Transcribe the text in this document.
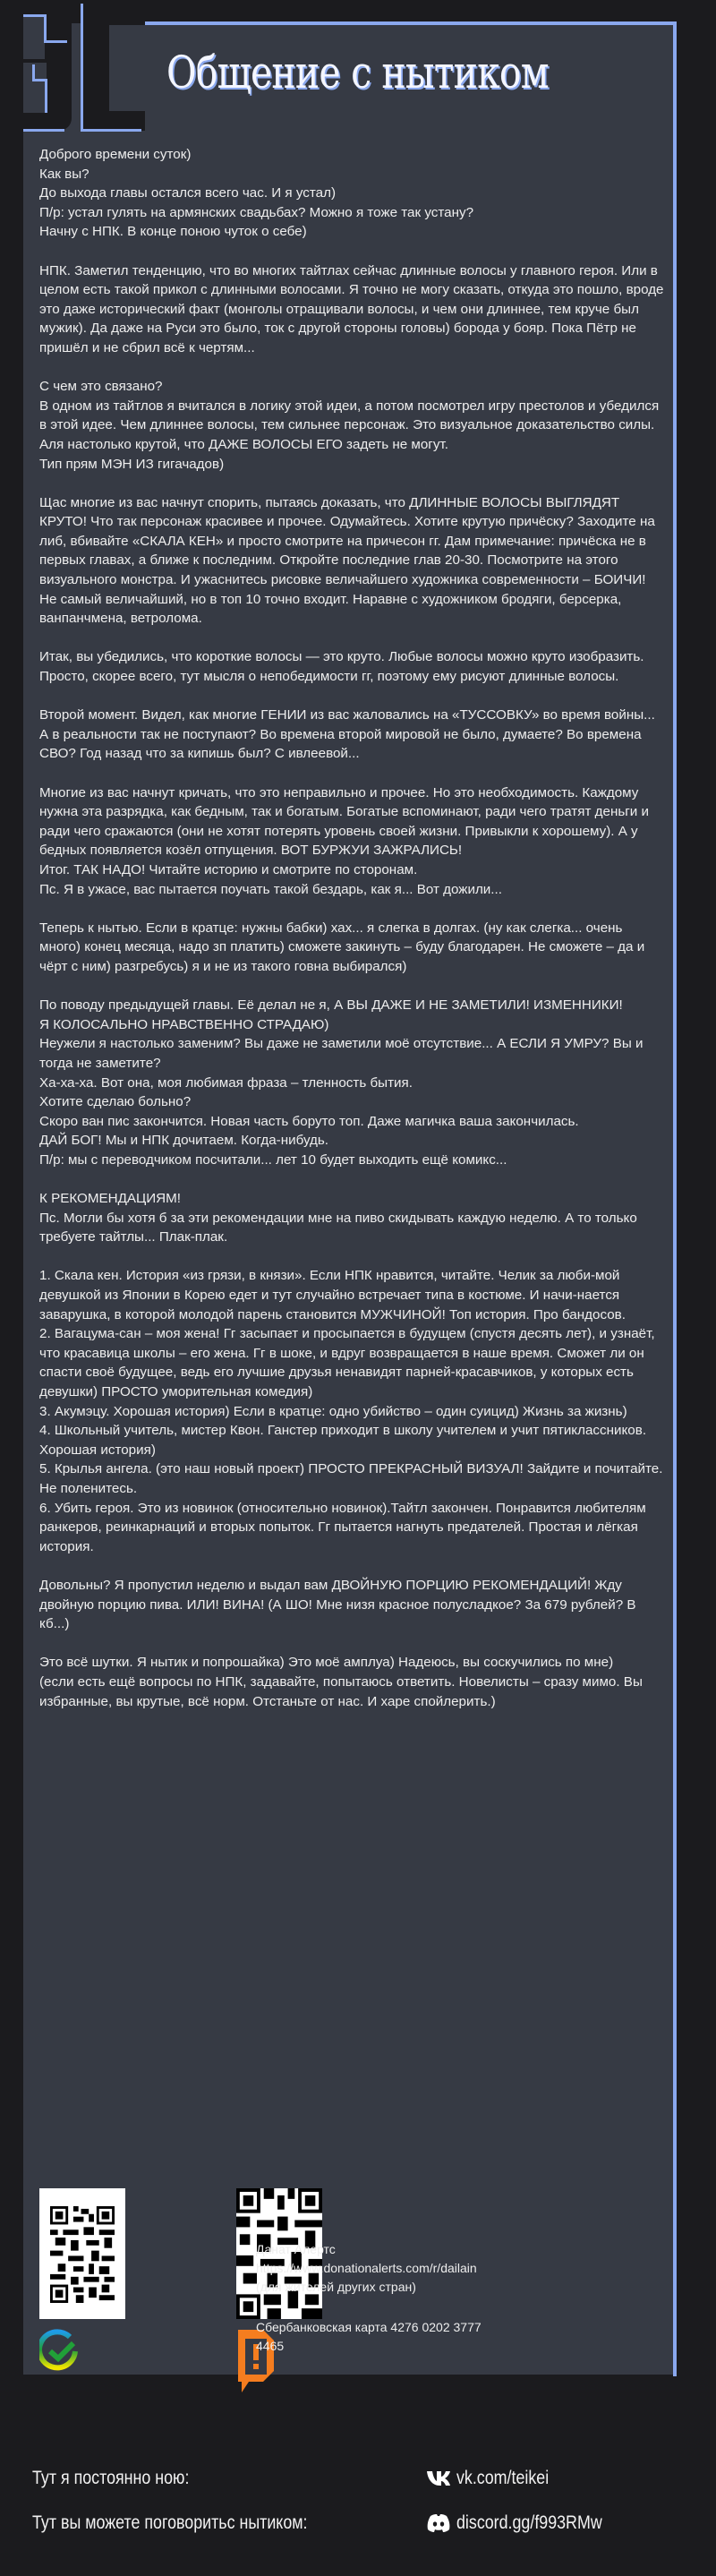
Общение с нытиком

Доброго времени суток)
Как вы?
До выхода главы остался всего час. И я устал)
П/р: устал гулять на армянских свадьбах? Можно я тоже так устану?
Начну с НПК. В конце поною чуток о себе)

НПК. Заметил тенденцию, что во многих тайтлах сейчас длинные волосы у главного героя. Или в целом есть такой прикол с длинными волосами. Я точно не могу сказать, откуда это пошло, вроде это даже исторический факт (монголы отращивали волосы, и чем они длиннее, тем круче был мужик). Да даже на Руси это было, ток с другой стороны головы) борода у бояр. Пока Пётр не пришёл и не сбрил всё к чертям...

С чем это связано?
В одном из тайтлов я вчитался в логику этой идеи, а потом посмотрел игру престолов и убедился в этой идее. Чем длиннее волосы, тем сильнее персонаж. Это визуальное доказательство силы. Аля настолько крутой, что ДАЖЕ ВОЛОСЫ ЕГО задеть не могут.
Тип прям МЭН ИЗ гигачадов)

Щас многие из вас начнут спорить, пытаясь доказать, что ДЛИННЫЕ ВОЛОСЫ ВЫГЛЯДЯТ КРУТО! Что так персонаж красивее и прочее. Одумайтесь. Хотите крутую причёску? Заходите на либ, вбивайте «СКАЛА КЕН» и просто смотрите на причесон гг. Дам примечание: причёска не в первых главах, а ближе к последним. Откройте последние глав 20-30. Посмотрите на этого визуального монстра. И ужаснитесь рисовке величайшего художника современности – БОИЧИ! Не самый величайший, но в топ 10 точно входит. Наравне с художником бродяги, берсерка, ванпанчмена, ветролома.

Итак, вы убедились, что короткие волосы — это круто. Любые волосы можно круто изобразить. Просто, скорее всего, тут мысля о непобедимости гг, поэтому ему рисуют длинные волосы.

Второй момент. Видел, как многие ГЕНИИ из вас жаловались на «ТУССОВКУ» во время войны... А в реальности так не поступают? Во времена второй мировой не было, думаете? Во времена СВО? Год назад что за кипишь был? С ивлеевой...

Многие из вас начнут кричать, что это неправильно и прочее. Но это необходимость. Каждому нужна эта разрядка, как бедным, так и богатым. Богатые вспоминают, ради чего тратят деньги и ради чего сражаются (они не хотят потерять уровень своей жизни. Привыкли к хорошему). А у бедных появляется козёл отпущения. ВОТ БУРЖУИ ЗАЖРАЛИСЬ!
Итог. ТАК НАДО! Читайте историю и смотрите по сторонам.
Пс. Я в ужасе, вас пытается поучать такой бездарь, как я... Вот дожили...

Теперь к нытью. Если в кратце: нужны бабки) хах... я слегка в долгах. (ну как слегка... очень много) конец месяца, надо зп платить) сможете закинуть – буду благодарен. Не сможете – да и чёрт с ним) разгребусь) я и не из такого говна выбирался)

По поводу предыдущей главы. Её делал не я, А ВЫ ДАЖЕ И НЕ ЗАМЕТИЛИ! ИЗМЕННИКИ!
Я КОЛОСАЛЬНО НРАВСТВЕННО СТРАДАЮ)
Неужели я настолько заменим? Вы даже не заметили моё отсутствие... А ЕСЛИ Я УМРУ? Вы и тогда не заметите?
Ха-ха-ха. Вот она, моя любимая фраза – тленность бытия.
Хотите сделаю больно?
Скоро ван пис закончится. Новая часть боруто топ. Даже магичка ваша закончилась.
ДАЙ БОГ! Мы и НПК дочитаем. Когда-нибудь.
П/р: мы с переводчиком посчитали... лет 10 будет выходить ещё комикс...

К РЕКОМЕНДАЦИЯМ!
Пс. Могли бы хотя б за эти рекомендации мне на пиво скидывать каждую неделю. А то только требуете тайтлы... Плак-плак.

1. Скала кен. История «из грязи, в князи». Если НПК нравится, читайте. Челик за люби-мой девушкой из Японии в Корею едет и тут случайно встречает типа в костюме. И начи-нается заварушка, в которой молодой парень становится МУЖЧИНОЙ! Топ история. Про бандосов.
2. Вагацума-сан – моя жена! Гг засыпает и просыпается в будущем (спустя десять лет), и узнаёт, что красавица школы – его жена. Гг в шоке, и вдруг возвращается в наше время. Сможет ли он спасти своё будущее, ведь его лучшие друзья ненавидят парней-красавчиков, у которых есть девушки) ПРОСТО уморительная комедия)
3. Акумэцу. Хорошая история) Если в кратце: одно убийство – один суицид) Жизнь за жизнь)
4. Школьный учитель, мистер Квон. Ганстер приходит в школу учителем и учит пятиклассников. Хорошая история)
5. Крылья ангела. (это наш новый проект) ПРОСТО ПРЕКРАСНЫЙ ВИЗУАЛ! Зайдите и почитайте. Не поленитесь.
6. Убить героя. Это из новинок (относительно новинок).Тайтл закончен. Понравится любителям ранкеров, реинкарнаций и вторых попыток. Гг пытается нагнуть предателей. Простая и лёгкая история.

Довольны? Я пропустил неделю и выдал вам ДВОЙНУЮ ПОРЦИЮ РЕКОМЕНДАЦИЙ! Жду двойную порцию пива. ИЛИ! ВИНА! (А ШО! Мне низя красное полусладкое? За 679 рублей? В кб...)

Это всё шутки. Я нытик и попрошайка) Это моё амплуа) Надеюсь, вы соскучились по мне)
(если есть ещё вопросы по НПК, задавайте, попытаюсь ответить. Новелисты – сразу мимо. Вы избранные, вы крутые, всё норм. Отстаньте от нас. И харе спойлерить.)

Данат Алертс
https://www.donationalerts.com/r/dailain
(для жителей других стран)
Сбербанковская карта 4276 0202 3777 4465
Тут я постоянно ною:	vk.com/teikei
Тут вы можете поговоритьс нытиком:	discord.gg/f993RMw
